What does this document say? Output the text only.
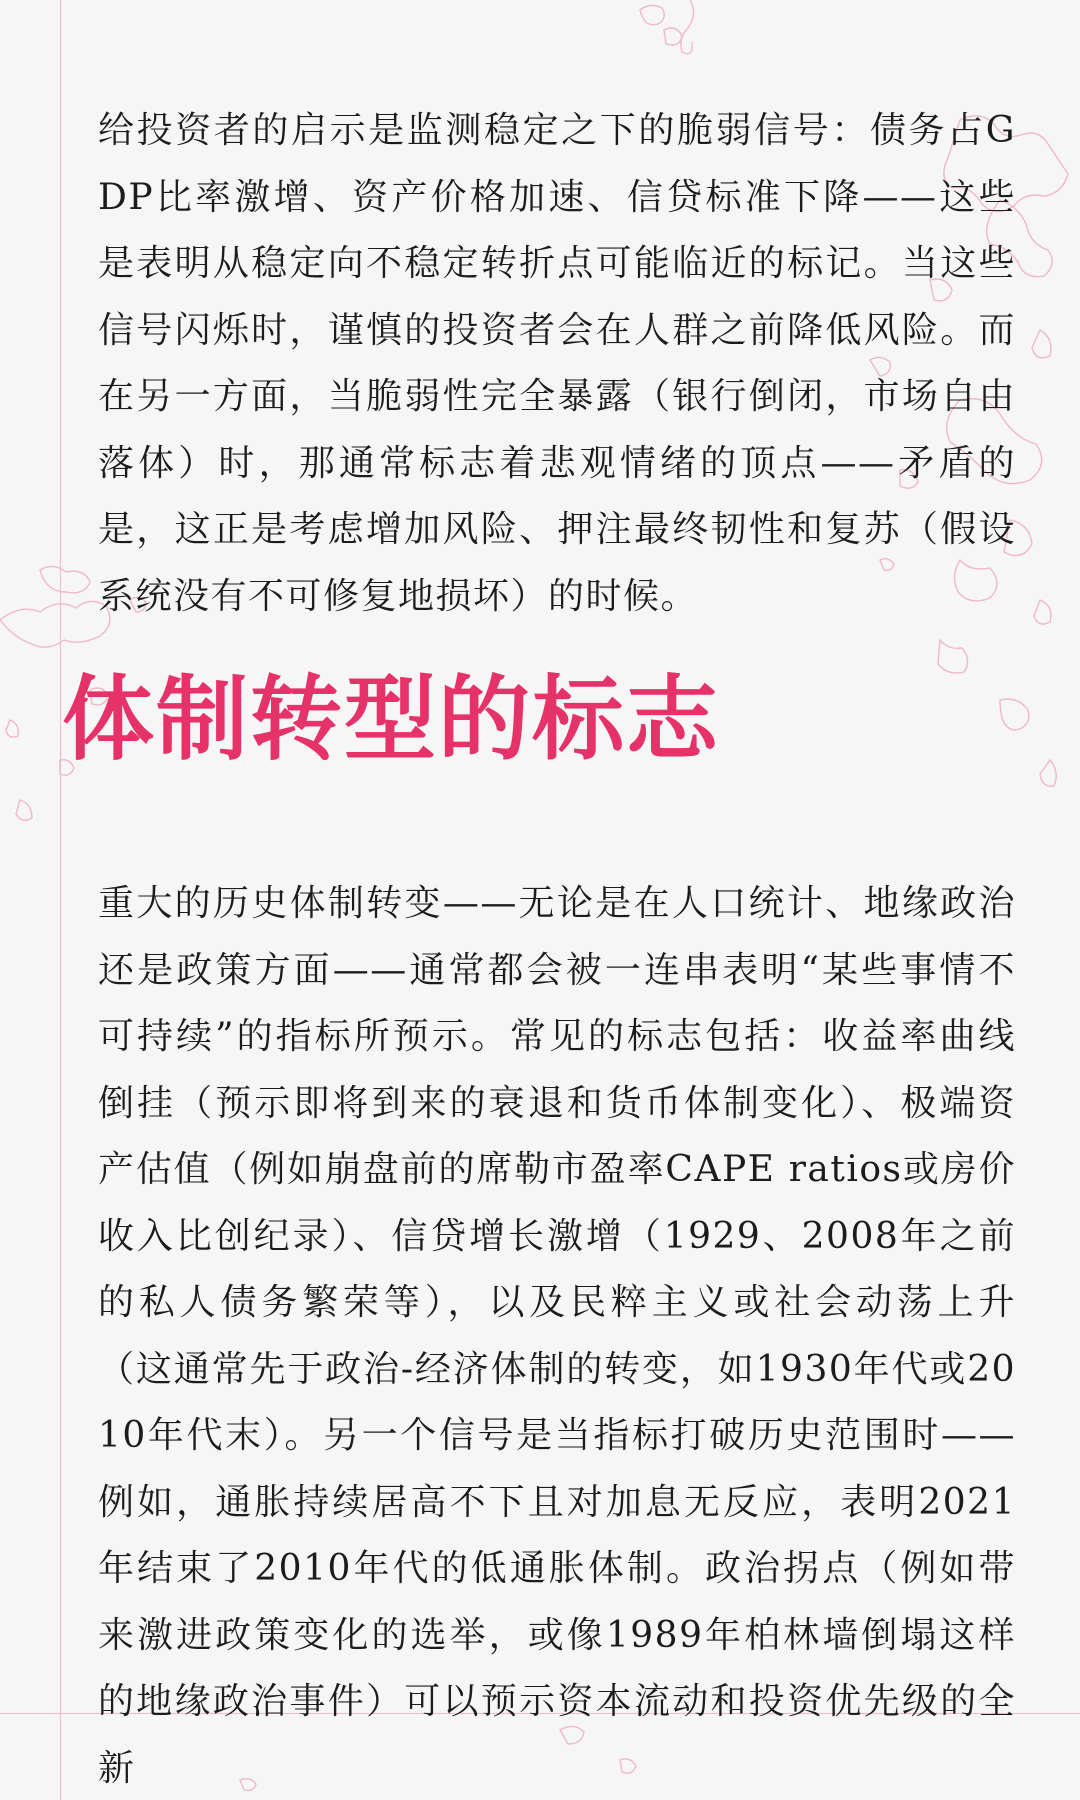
给投资者的启示是监测稳定之下的脆弱信号：债务占GDP比率激增、资产价格加速、信贷标准下降——这些是表明从稳定向不稳定转折点可能临近的标记。当这些信号闪烁时，谨慎的投资者会在人群之前降低风险。而在另一方面，当脆弱性完全暴露（银行倒闭，市场自由落体）时，那通常标志着悲观情绪的顶点——矛盾的是，这正是考虑增加风险、押注最终韧性和复苏（假设系统没有不可修复地损坏）的时候。

体制转型的标志

重大的历史体制转变——无论是在人口统计、地缘政治还是政策方面——通常都会被一连串表明“某些事情不可持续”的指标所预示。常见的标志包括：收益率曲线倒挂（预示即将到来的衰退和货币体制变化）、极端资产估值（例如崩盘前的席勒市盈率CAPE ratios或房价收入比创纪录）、信贷增长激增（1929、2008年之前的私人债务繁荣等），以及民粹主义或社会动荡上升（这通常先于政治-经济体制的转变，如1930年代或2010年代末）。另一个信号是当指标打破历史范围时——例如，通胀持续居高不下且对加息无反应，表明2021年结束了2010年代的低通胀体制。政治拐点（例如带来激进政策变化的选举，或像1989年柏林墙倒塌这样的地缘政治事件）可以预示资本流动和投资优先级的全新
